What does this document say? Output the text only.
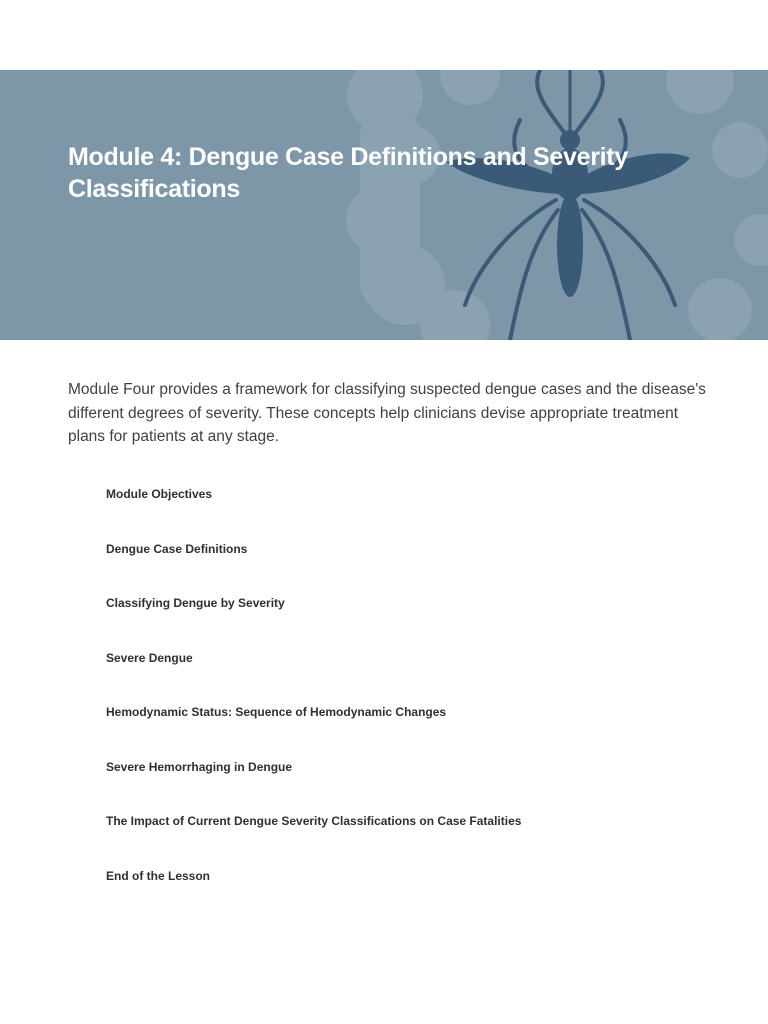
Module 4: Dengue Case Definitions and Severity Classifications

Module Four provides a framework for classifying suspected dengue cases and the disease's different degrees of severity. These concepts help clinicians devise appropriate treatment plans for patients at any stage.

Module Objectives
Dengue Case Definitions
Classifying Dengue by Severity
Severe Dengue
Hemodynamic Status: Sequence of Hemodynamic Changes
Severe Hemorrhaging in Dengue
The Impact of Current Dengue Severity Classifications on Case Fatalities
End of the Lesson
